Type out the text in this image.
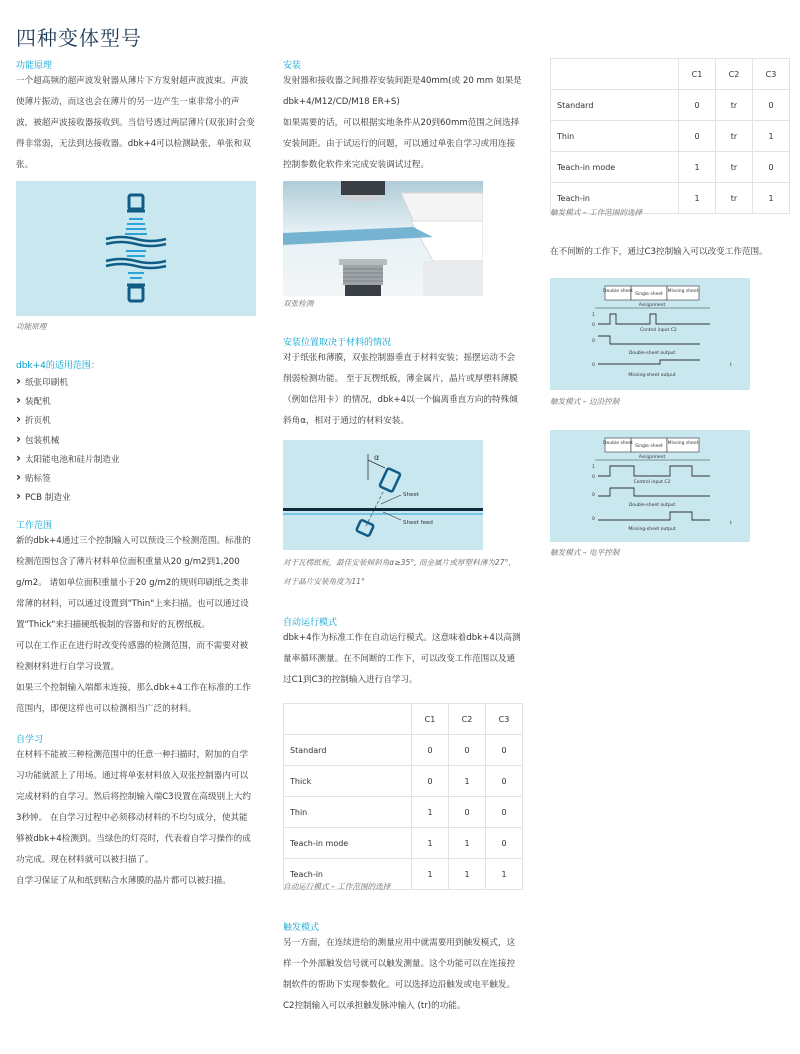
四种变体型号
功能原理
一个超高频的超声波发射器从薄片下方发射超声波波束。声波使薄片振动，而这也会在薄片的另一边产生一束非常小的声波，被超声波接收器接收到。当信号透过两层薄片(双张)时会变得非常弱，无法到达接收器。dbk+4可以检测缺张，单张和双张。
功能原理
dbk+4的适用范围：
› 纸张印刷机
› 装配机
› 折页机
› 包装机械
› 太阳能电池和硅片制造业
› 贴标签
› PCB 制造业
工作范围
新的dbk+4通过三个控制输入可以预设三个检测范围。标准的检测范围包含了薄片材料单位面积重量从20 g/m2到1,200 g/m2。 诸如单位面积重量小于20 g/m2的规则印刷纸之类非常薄的材料，可以通过设置到"Thin"上来扫描。也可以通过设置"Thick"来扫描硬纸板制的容器和好的瓦楞纸板。
可以在工作正在进行时改变传感器的检测范围，而不需要对被检测材料进行自学习设置。
如果三个控制输入端都未连接，那么dbk+4工作在标准的工作范围内，即便这样也可以检测相当广泛的材料。
自学习
在材料不能被三种检测范围中的任意一种扫描时，附加的自学习功能就派上了用场。通过将单张材料放入双张控制器内可以完成材料的自学习。然后将控制输入端C3设置在高级别上大约3秒钟。 在自学习过程中必须移动材料的不均匀成分，使其能够被dbk+4检测到。当绿色的灯亮时，代表着自学习操作的成功完成。现在材料就可以被扫描了。
自学习保证了从和纸到粘合水薄膜的晶片都可以被扫描。
安装
发射器和接收器之间推荐安装间距是40mm(或 20 mm 如果是 dbk+4/M12/CD/M18 ER+S)
如果需要的话，可以根据实地条件从20到60mm范围之间选择安装间距。由于试运行的问题，可以通过单张自学习或用连接控制参数化软件来完成安装调试过程。
双张检测
安装位置取决于材料的情况
对于纸张和薄膜，双张控制器垂直于材料安装；摇摆运动不会削弱检测功能。 至于瓦楞纸板，薄金属片，晶片或厚塑料薄膜（例如信用卡）的情况，dbk+4以一个偏离垂直方向的特殊倾斜角α，相对于通过的材料安装。
α
Sheet
Sheet feed
对于瓦楞纸板，最佳安装倾斜角α≥35°, 而金属片或厚塑料薄为27°，对于晶片安装角度为11°
自动运行模式
dbk+4作为标准工作在自动运行模式。这意味着dbk+4以高测量率循环测量。在不间断的工作下，可以改变工作范围以及通过C1到C3的控制输入进行自学习。
	C1	C2	C3
Standard	0	0	0
Thick	0	1	0
Thin	1	0	0
Teach-in mode	1	1	0
Teach-in	1	1	1
自动运行模式 – 工作范围的选择
触发模式
另一方面，在连续进给的测量应用中就需要用到触发模式，这样一个外部触发信号就可以触发测量。这个功能可以在连接控制软件的帮助下实现参数化。可以选择边沿触发或电平触发。C2控制输入可以承担触发脉冲输入 (tr)的功能。
	C1	C2	C3
Standard	0	tr	0
Thin	0	tr	1
Teach-in mode	1	tr	0
Teach-in	1	tr	1
触发模式 – 工作范围的选择
在不间断的工作下，通过C3控制输入可以改变工作范围。
Double sheet
Single sheet
Missing sheet
Assignment
1
0
Control input C2
0
Double-sheet output
0
Missing-sheet output
t
触发模式 – 边沿控制
Double sheet
Single sheet
Missing sheet
Assignment
1
0
Control input C2
0
Double-sheet output
0
Missing-sheet output
t
触发模式 – 电平控制
